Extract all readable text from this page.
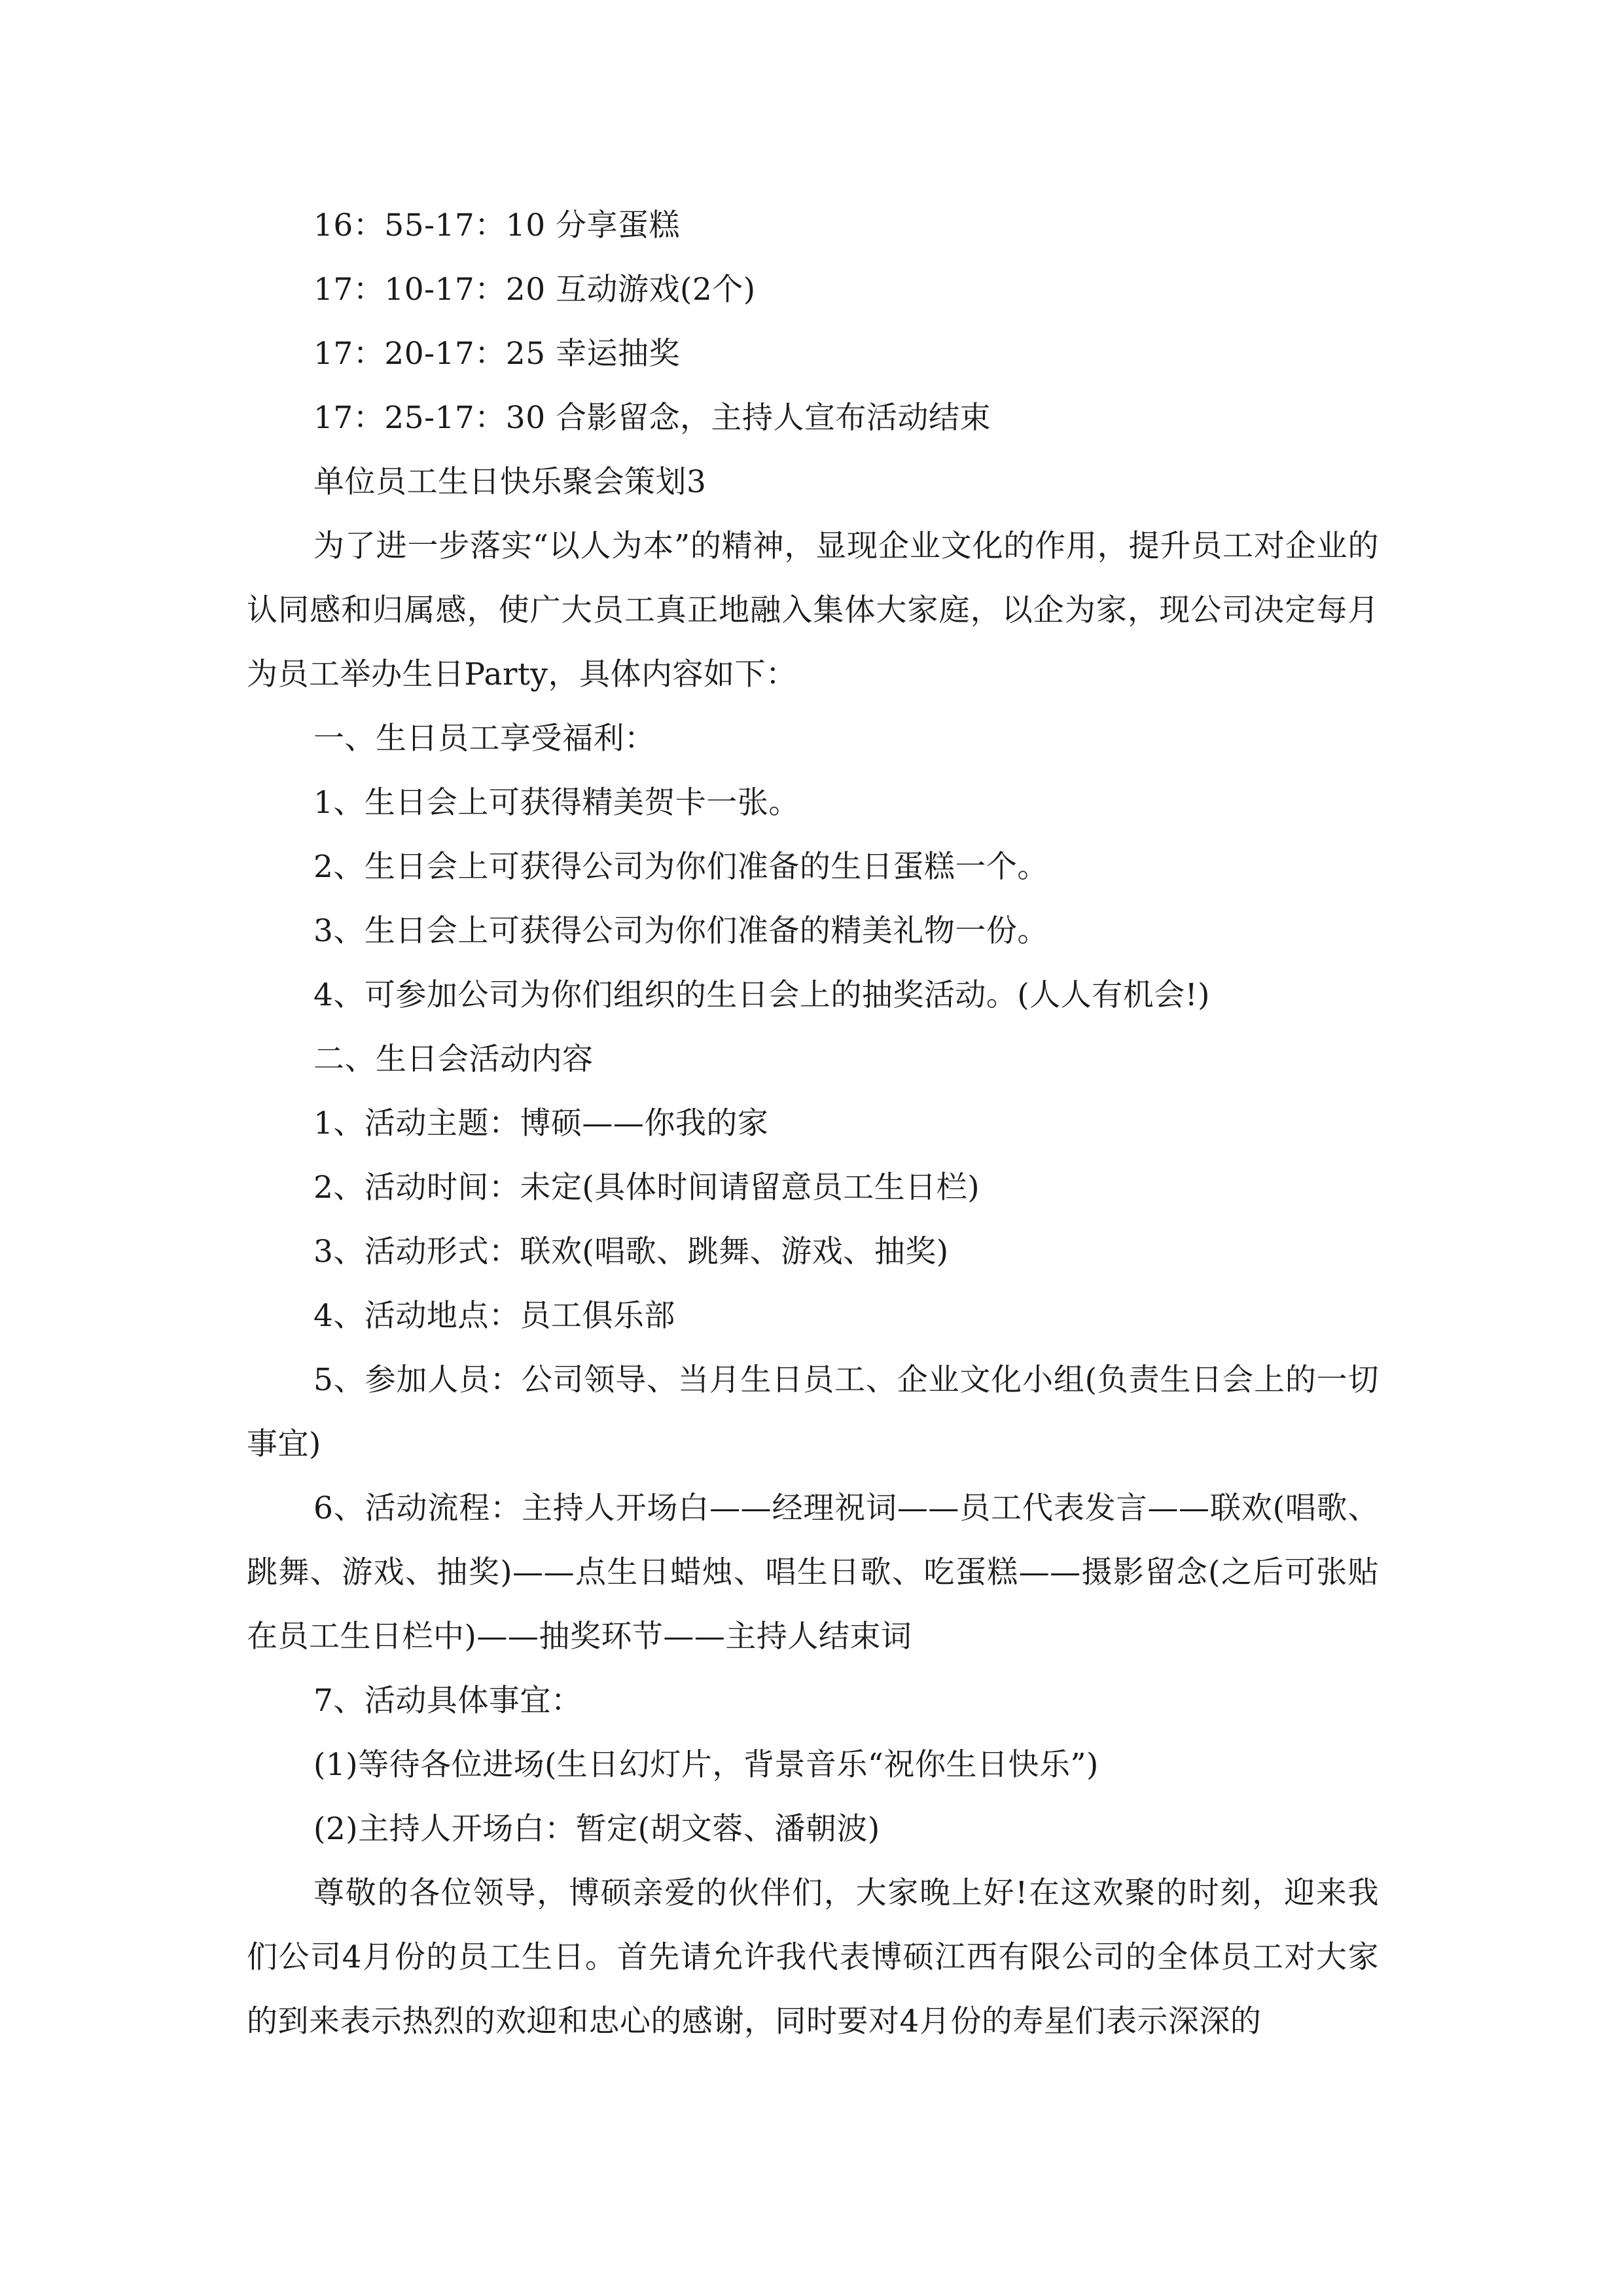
16：55-17：10 分享蛋糕

17：10-17：20 互动游戏(2个)

17：20-17：25 幸运抽奖

17：25-17：30 合影留念，主持人宣布活动结束

单位员工生日快乐聚会策划3

为了进一步落实“以人为本”的精神，显现企业文化的作用，提升员工对企业的认同感和归属感，使广大员工真正地融入集体大家庭，以企为家，现公司决定每月为员工举办生日Party，具体内容如下：

一、生日员工享受福利：

1、生日会上可获得精美贺卡一张。

2、生日会上可获得公司为你们准备的生日蛋糕一个。

3、生日会上可获得公司为你们准备的精美礼物一份。

4、可参加公司为你们组织的生日会上的抽奖活动。(人人有机会!)

二、生日会活动内容

1、活动主题：博硕——你我的家

2、活动时间：未定(具体时间请留意员工生日栏)

3、活动形式：联欢(唱歌、跳舞、游戏、抽奖)

4、活动地点：员工俱乐部

5、参加人员：公司领导、当月生日员工、企业文化小组(负责生日会上的一切事宜)

6、活动流程：主持人开场白——经理祝词——员工代表发言——联欢(唱歌、跳舞、游戏、抽奖)——点生日蜡烛、唱生日歌、吃蛋糕——摄影留念(之后可张贴在员工生日栏中)——抽奖环节——主持人结束词

7、活动具体事宜：

(1)等待各位进场(生日幻灯片，背景音乐“祝你生日快乐”)

(2)主持人开场白：暂定(胡文蓉、潘朝波)

尊敬的各位领导，博硕亲爱的伙伴们，大家晚上好!在这欢聚的时刻，迎来我们公司4月份的员工生日。首先请允许我代表博硕江西有限公司的全体员工对大家的到来表示热烈的欢迎和忠心的感谢，同时要对4月份的寿星们表示深深的
